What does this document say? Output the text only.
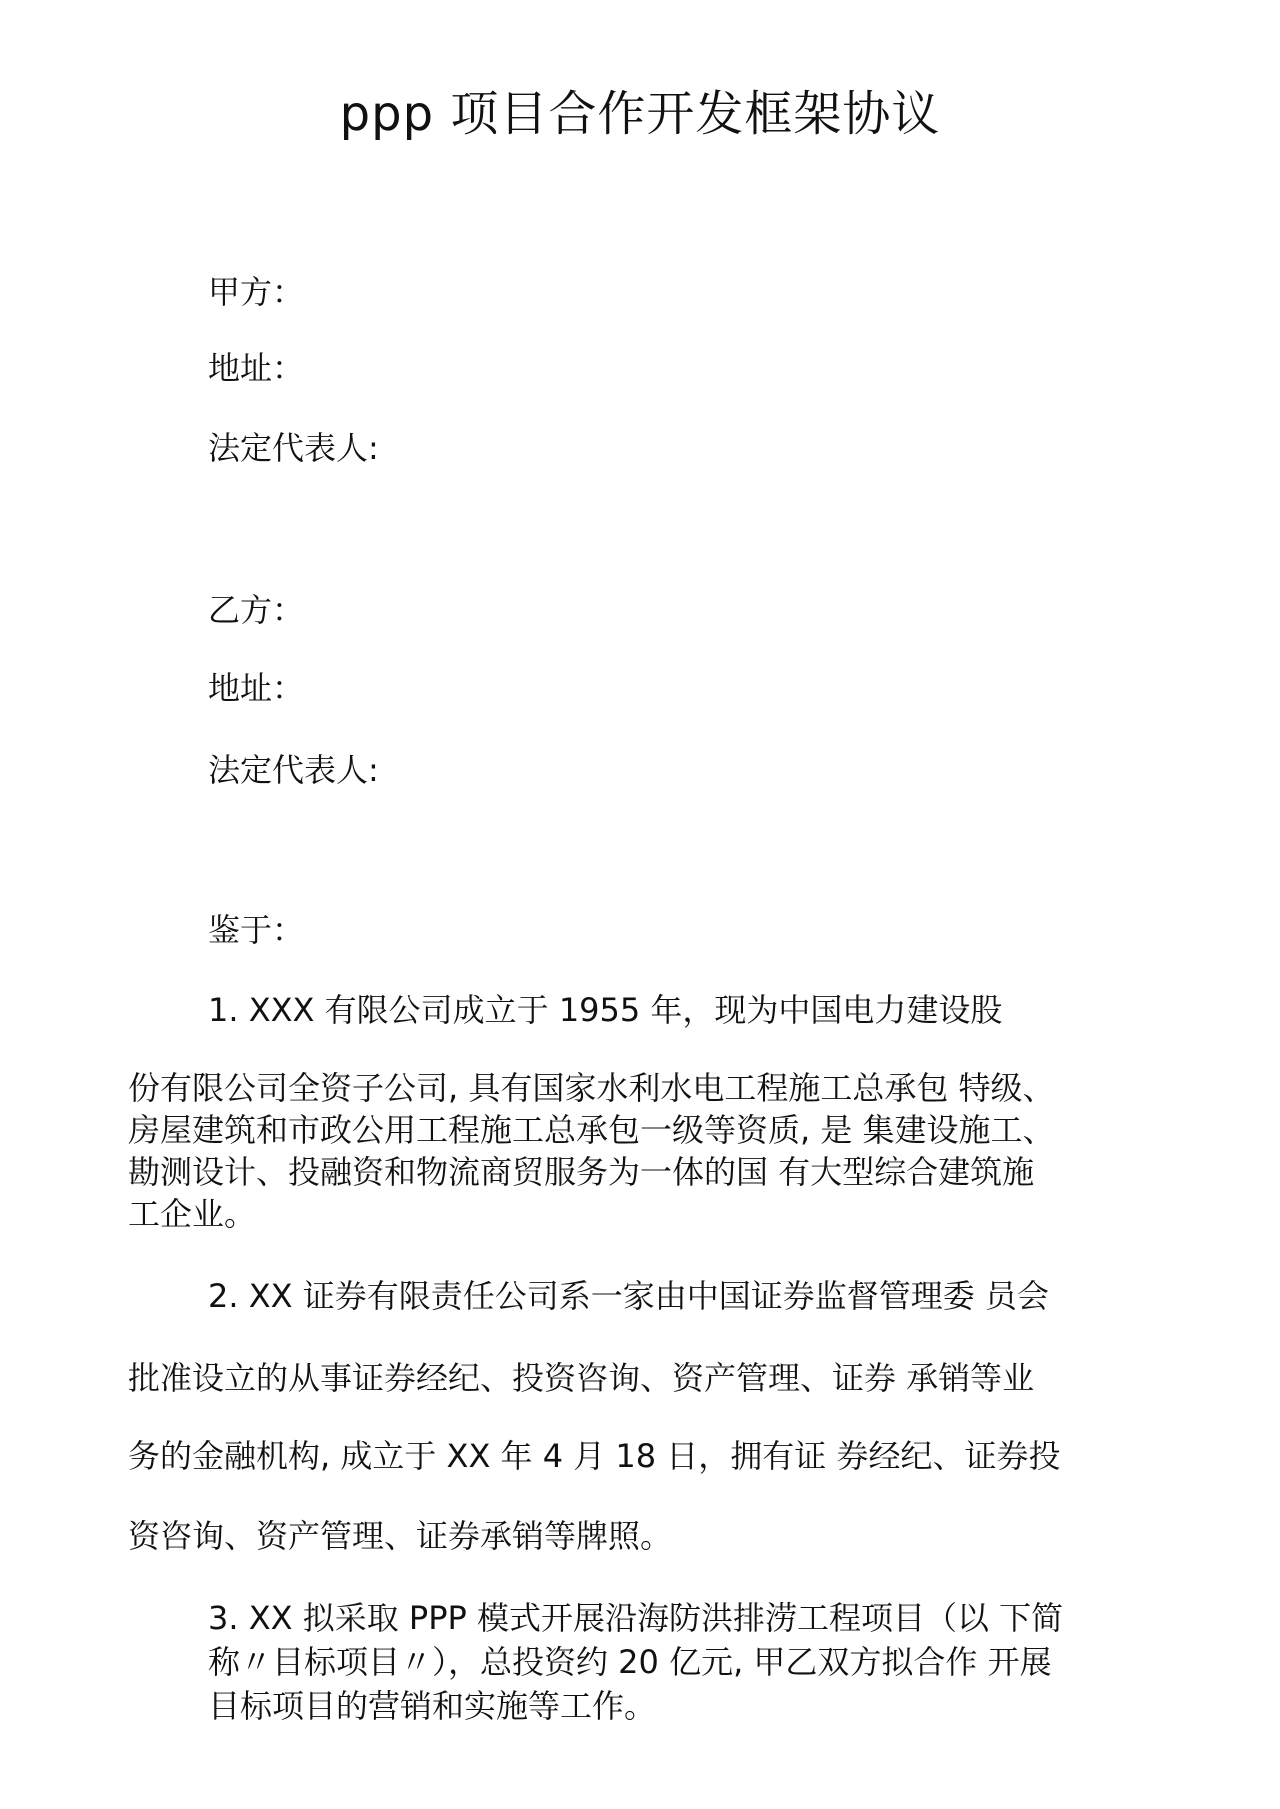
ppp 项目合作开发框架协议
甲方：
地址：
法定代表人:
乙方：
地址：
法定代表人:
鉴于：
1. XXX 有限公司成立于 1955 年，现为中国电力建设股
份有限公司全资子公司, 具有国家水利水电工程施工总承包 特级、
房屋建筑和市政公用工程施工总承包一级等资质, 是 集建设施工、
勘测设计、投融资和物流商贸服务为一体的国 有大型综合建筑施
工企业。
2. XX 证券有限责任公司系一家由中国证券监督管理委 员会
批准设立的从事证券经纪、投资咨询、资产管理、证券 承销等业
务的金融机构, 成立于 XX 年 4 月 18 日，拥有证 券经纪、证券投
资咨询、资产管理、证券承销等牌照。
3. XX 拟采取 PPP 模式开展沿海防洪排涝工程项目（以 下简
称〃目标项目〃），总投资约 20 亿元, 甲乙双方拟合作 开展
目标项目的营销和实施等工作。
